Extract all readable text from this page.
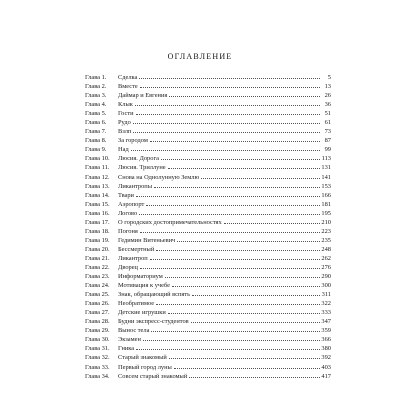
оглавление
Глава 1.	Сделка	5
Глава 2.	Вместе	13
Глава 3.	Даймар и Евгения	26
Глава 4.	Клык	36
Глава 5.	Гости	51
Глава 6.	Рудо	61
Глава 7.	Взлп	73
Глава 8.	За городом	87
Глава 9.	Над	99
Глава 10.	Люсия. Дорога	113
Глава 11.	Люсия. Триллуне	131
Глава 12.	Снова на Однолунную Землю	141
Глава 13.	Ликантропы	153
Глава 14.	Твари	166
Глава 15.	Аэропорт	181
Глава 16.	Логово	195
Глава 17.	О городских достопримечательностях	210
Глава 18.	Погоня	223
Глава 19.	Гедимин Витеньевич	235
Глава 20.	Бессмертный	248
Глава 21.	Ликантроп	262
Глава 22.	Дворец	276
Глава 23.	Информаториум	290
Глава 24.	Мотивация к учебе	300
Глава 25.	Знак, обращающий вспять	311
Глава 26.	Необратимое	322
Глава 27.	Детские игрушки	333
Глава 28.	Будни экспресс-студентов	347
Глава 29.	Вынос тела	359
Глава 30.	Экзамен	366
Глава 31.	Гника	380
Глава 32.	Старый знакомый	392
Глава 33.	Первый город луны	403
Глава 34.	Совсем старый знакомый	417
